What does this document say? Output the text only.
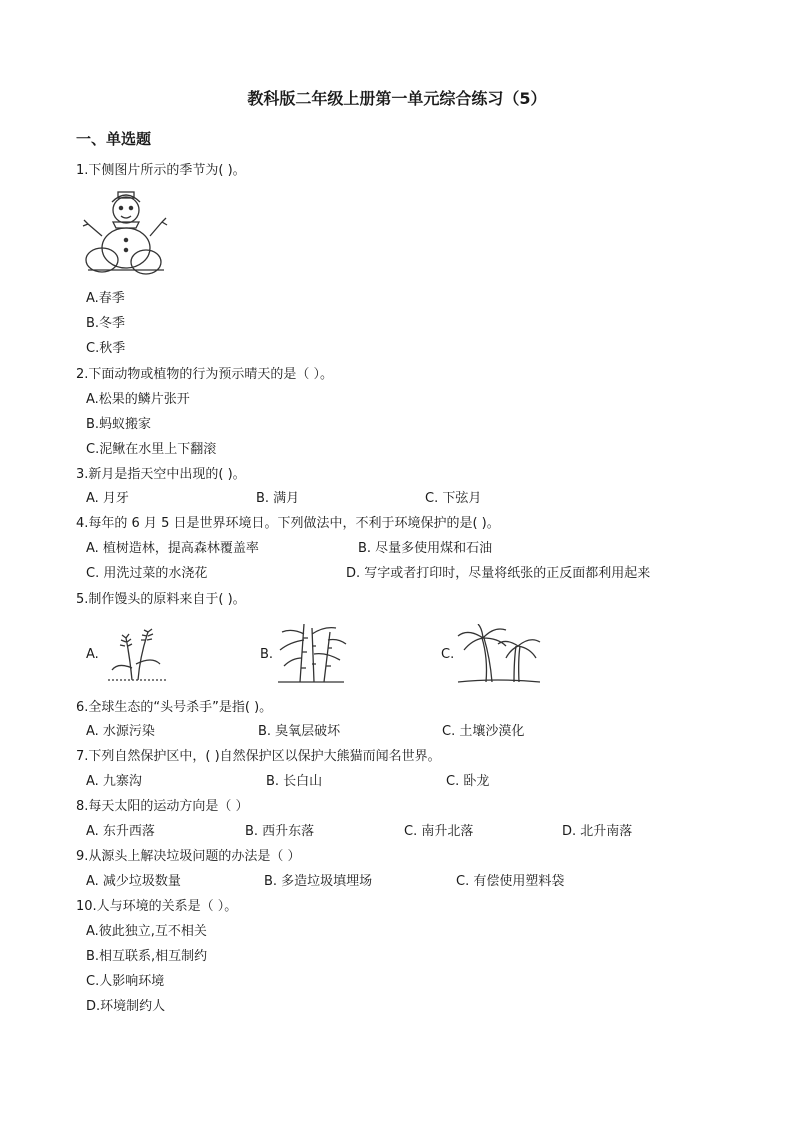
教科版二年级上册第一单元综合练习（5）
一、单选题
1.下侧图片所示的季节为( )。
A.春季
B.冬季
C.秋季
2.下面动物或植物的行为预示晴天的是（ ）。
A.松果的鳞片张开
B.蚂蚁搬家
C.泥鳅在水里上下翻滚
3.新月是指天空中出现的( )。
A. 月牙	B. 满月	C. 下弦月
4.每年的 6 月 5 日是世界环境日。下列做法中，不利于环境保护的是( )。
A. 植树造林，提高森林覆盖率	B. 尽量多使用煤和石油
C. 用洗过菜的水浇花	D. 写字或者打印时，尽量将纸张的正反面都利用起来
5.制作馒头的原料来自于( )。
A.	B.	C.
6.全球生态的“头号杀手”是指( )。
A. 水源污染	B. 臭氧层破坏	C. 土壤沙漠化
7.下列自然保护区中，( )自然保护区以保护大熊猫而闻名世界。
A. 九寨沟	B. 长白山	C. 卧龙
8.每天太阳的运动方向是（ ）
A. 东升西落	B. 西升东落	C. 南升北落	D. 北升南落
9.从源头上解决垃圾问题的办法是（ ）
A. 减少垃圾数量	B. 多造垃圾填埋场	C. 有偿使用塑料袋
10.人与环境的关系是（ ）。
A.彼此独立,互不相关
B.相互联系,相互制约
C.人影响环境
D.环境制约人
